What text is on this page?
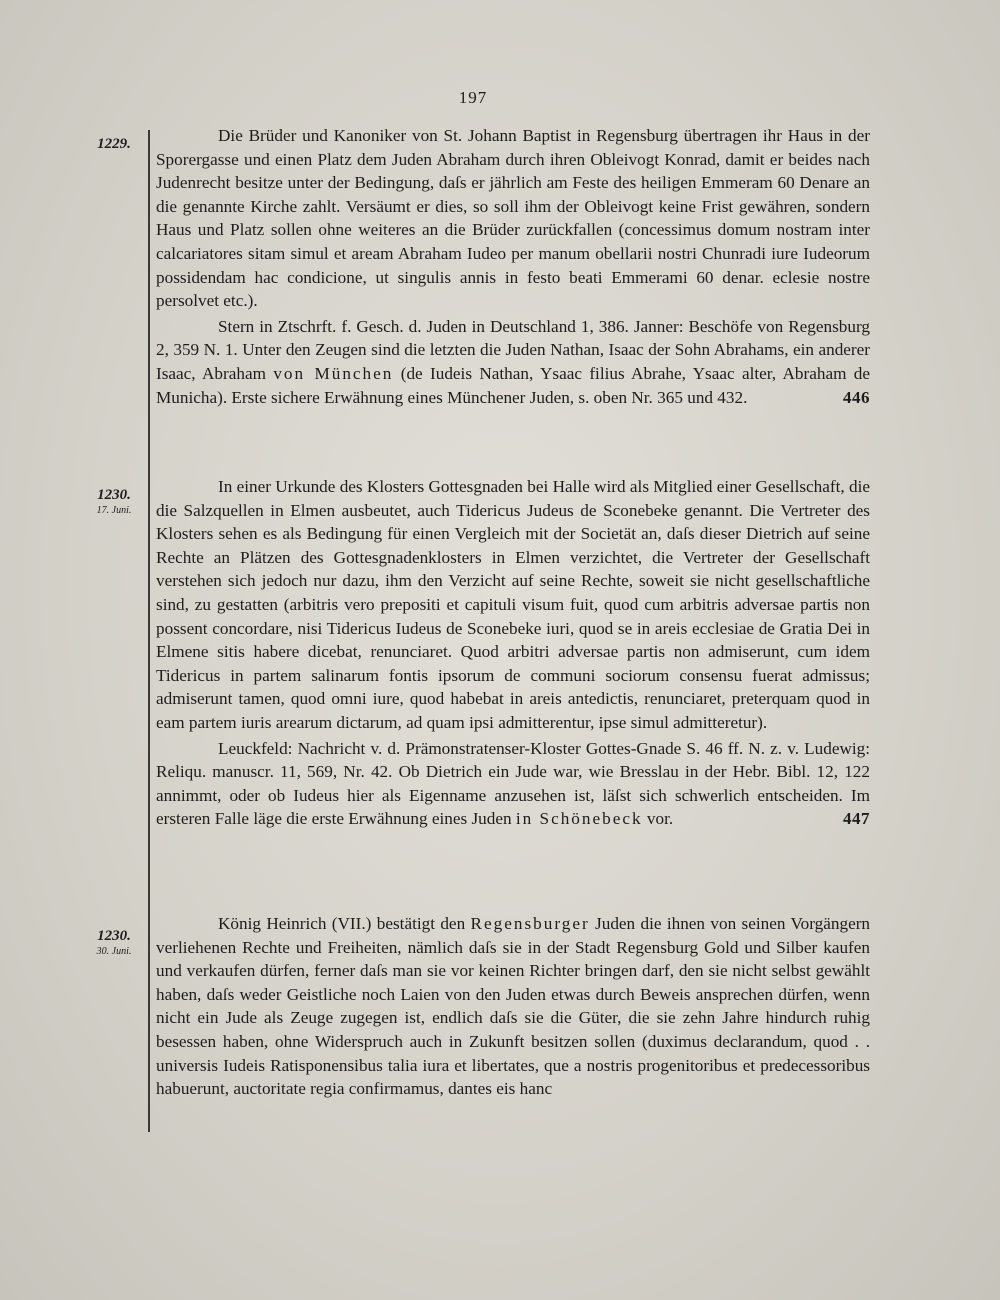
197
1229.	Die Brüder und Kanoniker von St. Johann Baptist in Regensburg übertragen ihr Haus in der Sporergasse und einen Platz dem Juden Abraham durch ihren Obleivogt Konrad, damit er beides nach Judenrecht besitze unter der Bedingung, daſs er jährlich am Feste des heiligen Emmeram 60 Denare an die genannte Kirche zahlt. Versäumt er dies, so soll ihm der Obleivogt keine Frist gewähren, sondern Haus und Platz sollen ohne weiteres an die Brüder zurückfallen (concessimus domum nostram inter calcariatores sitam simul et aream Abraham Iudeo per manum obellarii nostri Chunradi iure Iudeorum possidendam hac condicione, ut singulis annis in festo beati Emmerami 60 denar. eclesie nostre persolvet etc.).

Stern in Ztschrft. f. Gesch. d. Juden in Deutschland 1, 386. Janner: Beschöfe von Regensburg 2, 359 N. 1. Unter den Zeugen sind die letzten die Juden Nathan, Isaac der Sohn Abrahams, ein anderer Isaac, Abraham von München (de Iudeis Nathan, Ysaac filius Abrahe, Ysaac alter, Abraham de Municha). Erste sichere Erwähnung eines Münchener Juden, s. oben Nr. 365 und 432.	446

1230.
17. Juni.

In einer Urkunde des Klosters Gottesgnaden bei Halle wird als Mitglied einer Gesellschaft, die die Salzquellen in Elmen ausbeutet, auch Tidericus Judeus de Sconebeke genannt. Die Vertreter des Klosters sehen es als Bedingung für einen Vergleich mit der Societät an, daſs dieser Dietrich auf seine Rechte an Plätzen des Gottesgnadenklosters in Elmen verzichtet, die Vertreter der Gesellschaft verstehen sich jedoch nur dazu, ihm den Verzicht auf seine Rechte, soweit sie nicht gesellschaftliche sind, zu gestatten (arbitris vero prepositi et capituli visum fuit, quod cum arbitris adversae partis non possent concordare, nisi Tidericus Iudeus de Sconebeke iuri, quod se in areis ecclesiae de Gratia Dei in Elmene sitis habere dicebat, renunciaret. Quod arbitri adversae partis non admiserunt, cum idem Tidericus in partem salinarum fontis ipsorum de communi sociorum consensu fuerat admissus; admiserunt tamen, quod omni iure, quod habebat in areis antedictis, renunciaret, preterquam quod in eam partem iuris arearum dictarum, ad quam ipsi admitterentur, ipse simul admitteretur).

Leuckfeld: Nachricht v. d. Prämonstratenser-Kloster Gottes-Gnade S. 46 ff. N. z. v. Ludewig: Reliqu. manuscr. 11, 569, Nr. 42. Ob Dietrich ein Jude war, wie Bresslau in der Hebr. Bibl. 12, 122 annimmt, oder ob Iudeus hier als Eigenname anzusehen ist, läſst sich schwerlich entscheiden. Im ersteren Falle läge die erste Erwähnung eines Juden in Schönebeck vor.	447

1230.
30. Juni.

König Heinrich (VII.) bestätigt den Regensburger Juden die ihnen von seinen Vorgängern verliehenen Rechte und Freiheiten, nämlich daſs sie in der Stadt Regensburg Gold und Silber kaufen und verkaufen dürfen, ferner daſs man sie vor keinen Richter bringen darf, den sie nicht selbst gewählt haben, daſs weder Geistliche noch Laien von den Juden etwas durch Beweis ansprechen dürfen, wenn nicht ein Jude als Zeuge zugegen ist, endlich daſs sie die Güter, die sie zehn Jahre hindurch ruhig besessen haben, ohne Widerspruch auch in Zukunft besitzen sollen (duximus declarandum, quod . . universis Iudeis Ratisponensibus talia iura et libertates, que a nostris progenitoribus et predecessoribus habuerunt, auctoritate regia confirmamus, dantes eis hanc
